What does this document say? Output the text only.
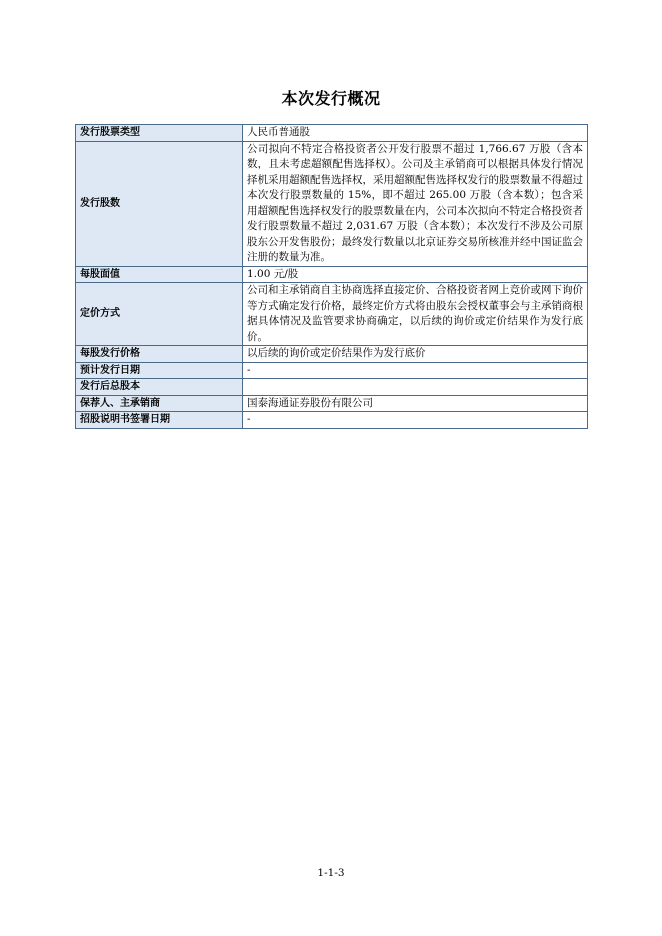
本次发行概况
发行股票类型	人民币普通股
发行股数	公司拟向不特定合格投资者公开发行股票不超过 1,766.67 万股（含本数，且未考虑超额配售选择权）。公司及主承销商可以根据具体发行情况择机采用超额配售选择权，采用超额配售选择权发行的股票数量不得超过本次发行股票数量的 15%，即不超过 265.00 万股（含本数）；包含采用超额配售选择权发行的股票数量在内，公司本次拟向不特定合格投资者发行股票数量不超过 2,031.67 万股（含本数）；本次发行不涉及公司原股东公开发售股份；最终发行数量以北京证券交易所核准并经中国证监会注册的数量为准。
每股面值	1.00 元/股
定价方式	公司和主承销商自主协商选择直接定价、合格投资者网上竞价或网下询价等方式确定发行价格，最终定价方式将由股东会授权董事会与主承销商根据具体情况及监管要求协商确定，以后续的询价或定价结果作为发行底价。
每股发行价格	以后续的询价或定价结果作为发行底价
预计发行日期	-
发行后总股本	
保荐人、主承销商	国泰海通证券股份有限公司
招股说明书签署日期	-
1-1-3
